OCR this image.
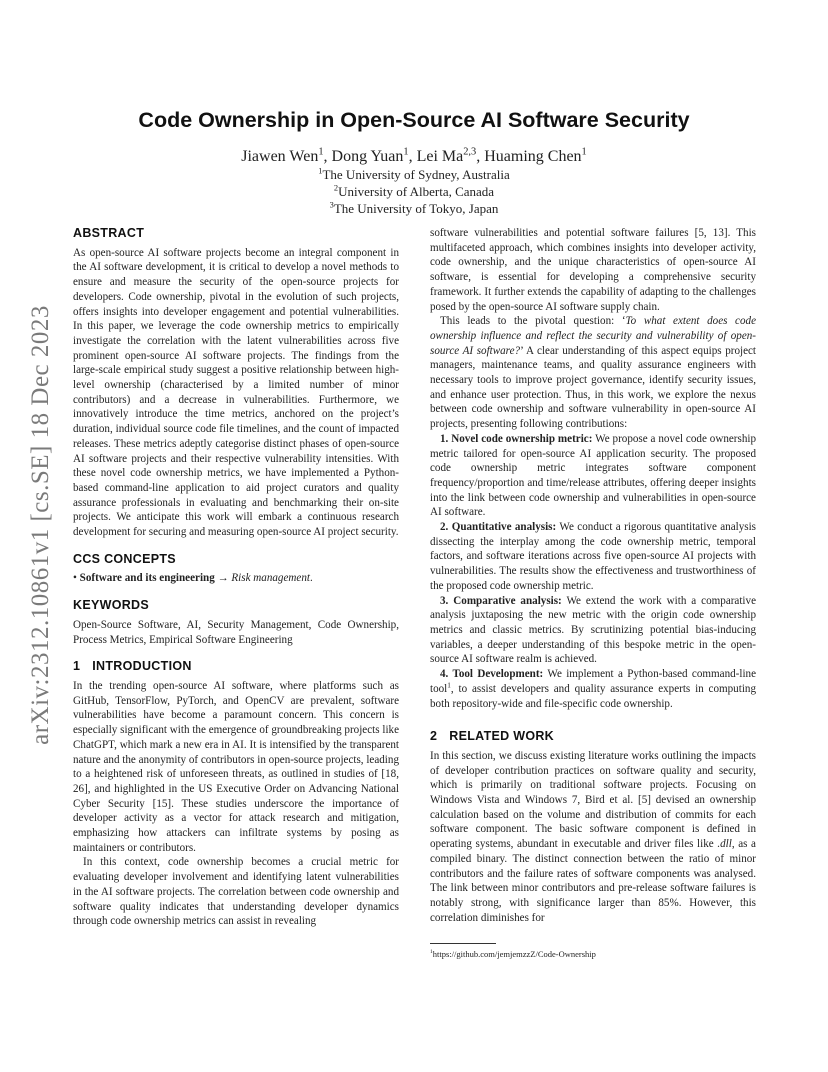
arXiv:2312.10861v1 [cs.SE] 18 Dec 2023
Code Ownership in Open-Source AI Software Security
Jiawen Wen$^1$, Dong Yuan$^1$, Lei Ma$^{2,3}$, Huaming Chen$^1$
$^1$The University of Sydney, Australia
$^2$University of Alberta, Canada
$^3$The University of Tokyo, Japan
ABSTRACT

As open-source AI software projects become an integral component in the AI software development, it is critical to develop a novel methods to ensure and measure the security of the open-source projects for developers. Code ownership, pivotal in the evolution of such projects, offers insights into developer engagement and potential vulnerabilities. In this paper, we leverage the code ownership metrics to empirically investigate the correlation with the latent vulnerabilities across five prominent open-source AI software projects. The findings from the large-scale empirical study suggest a positive relationship between high-level ownership (characterised by a limited number of minor contributors) and a decrease in vulnerabilities. Furthermore, we innovatively introduce the time metrics, anchored on the project’s duration, individual source code file timelines, and the count of impacted releases. These metrics adeptly categorise distinct phases of open-source AI software projects and their respective vulnerability intensities. With these novel code ownership metrics, we have implemented a Python-based command-line application to aid project curators and quality assurance professionals in evaluating and benchmarking their on-site projects. We anticipate this work will embark a continuous research development for securing and measuring open-source AI project security.

CCS CONCEPTS

• Software and its engineering → Risk management.

KEYWORDS

Open-Source Software, AI, Security Management, Code Ownership, Process Metrics, Empirical Software Engineering

1 INTRODUCTION

In the trending open-source AI software, where platforms such as GitHub, TensorFlow, PyTorch, and OpenCV are prevalent, software vulnerabilities have become a paramount concern. This concern is especially significant with the emergence of groundbreaking projects like ChatGPT, which mark a new era in AI. It is intensified by the transparent nature and the anonymity of contributors in open-source projects, leading to a heightened risk of unforeseen threats, as outlined in studies of [18, 26], and highlighted in the US Executive Order on Advancing National Cyber Security [15]. These studies underscore the importance of developer activity as a vector for attack research and mitigation, emphasizing how attackers can infiltrate systems by posing as maintainers or contributors.

In this context, code ownership becomes a crucial metric for evaluating developer involvement and identifying latent vulnerabilities in the AI software projects. The correlation between code ownership and software quality indicates that understanding developer dynamics through code ownership metrics can assist in revealing

software vulnerabilities and potential software failures [5, 13]. This multifaceted approach, which combines insights into developer activity, code ownership, and the unique characteristics of open-source AI software, is essential for developing a comprehensive security framework. It further extends the capability of adapting to the challenges posed by the open-source AI software supply chain.

This leads to the pivotal question: ‘To what extent does code ownership influence and reflect the security and vulnerability of open-source AI software?’ A clear understanding of this aspect equips project managers, maintenance teams, and quality assurance engineers with necessary tools to improve project governance, identify security issues, and enhance user protection. Thus, in this work, we explore the nexus between code ownership and software vulnerability in open-source AI projects, presenting following contributions:

1. Novel code ownership metric: We propose a novel code ownership metric tailored for open-source AI application security. The proposed code ownership metric integrates software component frequency/proportion and time/release attributes, offering deeper insights into the link between code ownership and vulnerabilities in open-source AI software.

2. Quantitative analysis: We conduct a rigorous quantitative analysis dissecting the interplay among the code ownership metric, temporal factors, and software iterations across five open-source AI projects with vulnerabilities. The results show the effectiveness and trustworthiness of the proposed code ownership metric.

3. Comparative analysis: We extend the work with a comparative analysis juxtaposing the new metric with the origin code ownership metrics and classic metrics. By scrutinizing potential bias-inducing variables, a deeper understanding of this bespoke metric in the open-source AI software realm is achieved.

4. Tool Development: We implement a Python-based command-line tool$^1$, to assist developers and quality assurance experts in computing both repository-wide and file-specific code ownership.

2 RELATED WORK

In this section, we discuss existing literature works outlining the impacts of developer contribution practices on software quality and security, which is primarily on traditional software projects. Focusing on Windows Vista and Windows 7, Bird et al. [5] devised an ownership calculation based on the volume and distribution of commits for each software component. The basic software component is defined in operating systems, abundant in executable and driver files like .dll, as a compiled binary. The distinct connection between the ratio of minor contributors and the failure rates of software components was analysed. The link between minor contributors and pre-release software failures is notably strong, with significance larger than 85%. However, this correlation diminishes for

$^1$https://github.com/jemjemzzZ/Code-Ownership
